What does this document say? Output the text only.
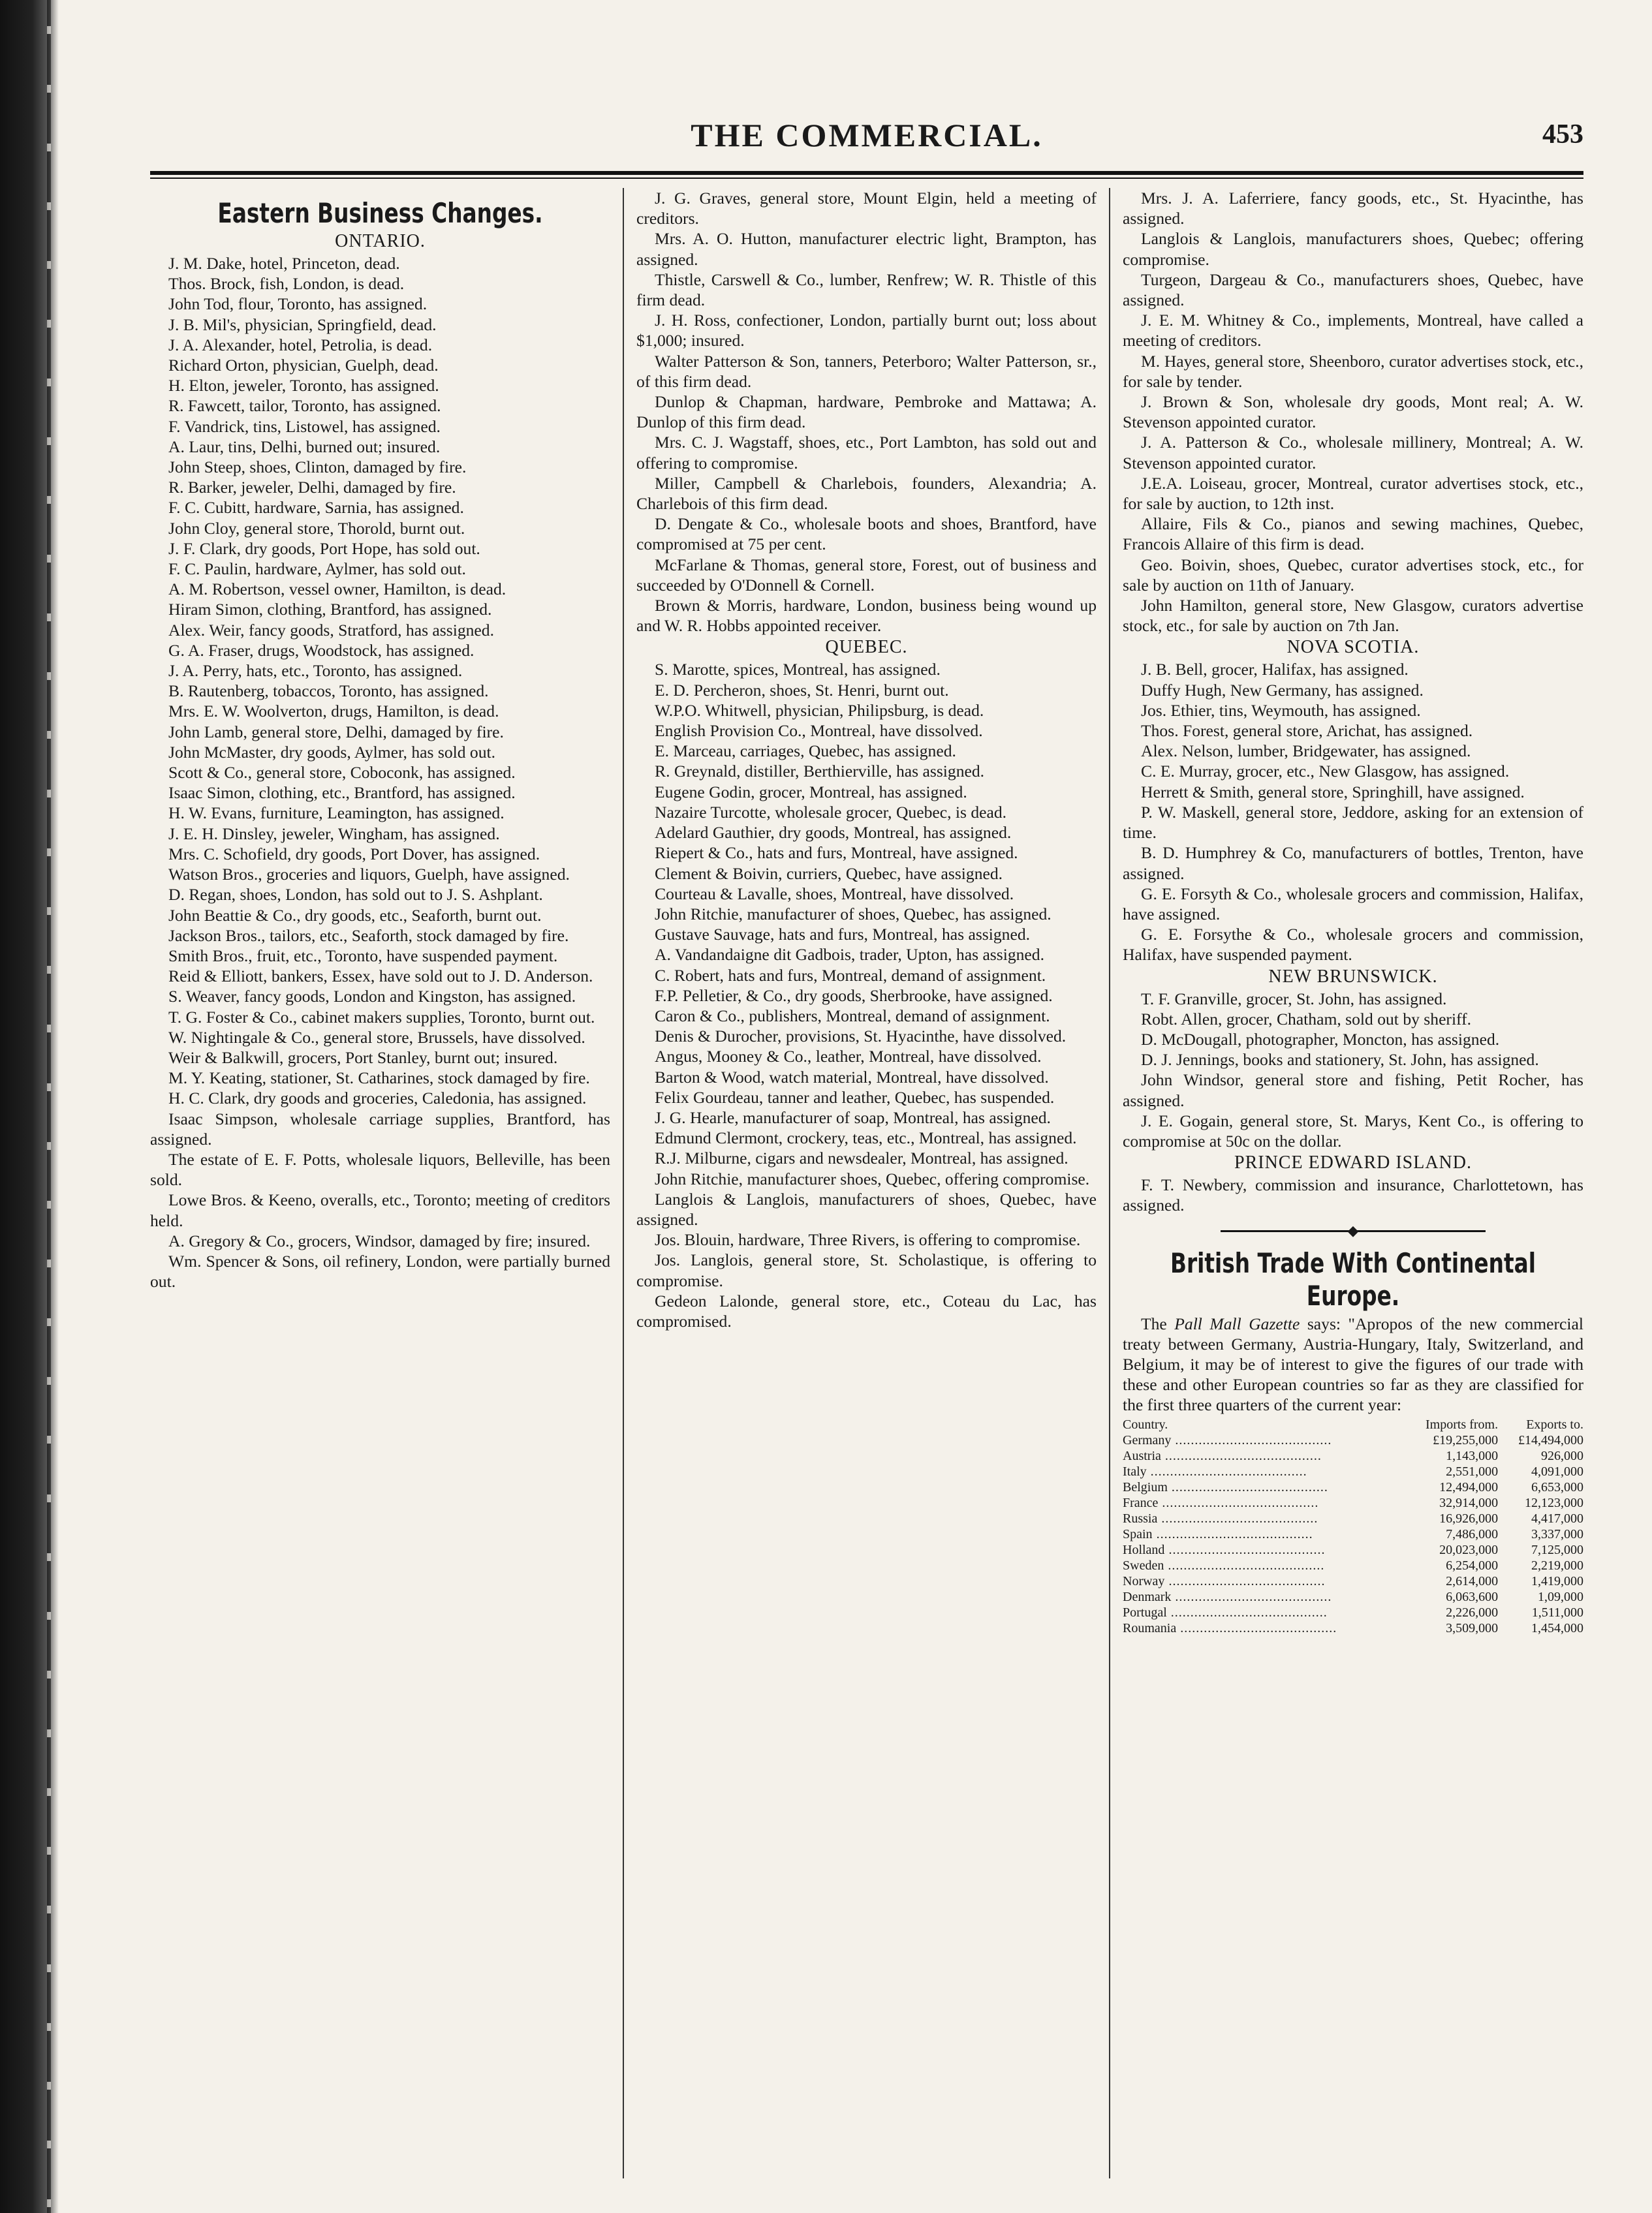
THE COMMERCIAL.	453
Eastern Business Changes.
ONTARIO.

J. M. Dake, hotel, Princeton, dead.

Thos. Brock, fish, London, is dead.

John Tod, flour, Toronto, has assigned.

J. B. Mil's, physician, Springfield, dead.

J. A. Alexander, hotel, Petrolia, is dead.

Richard Orton, physician, Guelph, dead.

H. Elton, jeweler, Toronto, has assigned.

R. Fawcett, tailor, Toronto, has assigned.

F. Vandrick, tins, Listowel, has assigned.

A. Laur, tins, Delhi, burned out; insured.

John Steep, shoes, Clinton, damaged by fire.

R. Barker, jeweler, Delhi, damaged by fire.

F. C. Cubitt, hardware, Sarnia, has assigned.

John Cloy, general store, Thorold, burnt out.

J. F. Clark, dry goods, Port Hope, has sold out.

F. C. Paulin, hardware, Aylmer, has sold out.

A. M. Robertson, vessel owner, Hamilton, is dead.

Hiram Simon, clothing, Brantford, has assigned.

Alex. Weir, fancy goods, Stratford, has assigned.

G. A. Fraser, drugs, Woodstock, has assigned.

J. A. Perry, hats, etc., Toronto, has assigned.

B. Rautenberg, tobaccos, Toronto, has assigned.

Mrs. E. W. Woolverton, drugs, Hamilton, is dead.

John Lamb, general store, Delhi, damaged by fire.

John McMaster, dry goods, Aylmer, has sold out.

Scott & Co., general store, Coboconk, has assigned.

Isaac Simon, clothing, etc., Brantford, has assigned.

H. W. Evans, furniture, Leamington, has assigned.

J. E. H. Dinsley, jeweler, Wingham, has assigned.

Mrs. C. Schofield, dry goods, Port Dover, has assigned.

Watson Bros., groceries and liquors, Guelph, have assigned.

D. Regan, shoes, London, has sold out to J. S. Ashplant.

John Beattie & Co., dry goods, etc., Seaforth, burnt out.

Jackson Bros., tailors, etc., Seaforth, stock damaged by fire.

Smith Bros., fruit, etc., Toronto, have suspended payment.

Reid & Elliott, bankers, Essex, have sold out to J. D. Anderson.

S. Weaver, fancy goods, London and Kingston, has assigned.

T. G. Foster & Co., cabinet makers supplies, Toronto, burnt out.

W. Nightingale & Co., general store, Brussels, have dissolved.

Weir & Balkwill, grocers, Port Stanley, burnt out; insured.

M. Y. Keating, stationer, St. Catharines, stock damaged by fire.

H. C. Clark, dry goods and groceries, Caledonia, has assigned.

Isaac Simpson, wholesale carriage supplies, Brantford, has assigned.

The estate of E. F. Potts, wholesale liquors, Belleville, has been sold.

Lowe Bros. & Keeno, overalls, etc., Toronto; meeting of creditors held.

A. Gregory & Co., grocers, Windsor, damaged by fire; insured.

Wm. Spencer & Sons, oil refinery, London, were partially burned out.

J. G. Graves, general store, Mount Elgin, held a meeting of creditors.

Mrs. A. O. Hutton, manufacturer electric light, Brampton, has assigned.

Thistle, Carswell & Co., lumber, Renfrew; W. R. Thistle of this firm dead.

J. H. Ross, confectioner, London, partially burnt out; loss about $1,000; insured.

Walter Patterson & Son, tanners, Peterboro; Walter Patterson, sr., of this firm dead.

Dunlop & Chapman, hardware, Pembroke and Mattawa; A. Dunlop of this firm dead.

Mrs. C. J. Wagstaff, shoes, etc., Port Lambton, has sold out and offering to compromise.

Miller, Campbell & Charlebois, founders, Alexandria; A. Charlebois of this firm dead.

D. Dengate & Co., wholesale boots and shoes, Brantford, have compromised at 75 per cent.

McFarlane & Thomas, general store, Forest, out of business and succeeded by O'Donnell & Cornell.

Brown & Morris, hardware, London, business being wound up and W. R. Hobbs appointed receiver.

QUEBEC.

S. Marotte, spices, Montreal, has assigned.

E. D. Percheron, shoes, St. Henri, burnt out.

W.P.O. Whitwell, physician, Philipsburg, is dead.

English Provision Co., Montreal, have dissolved.

E. Marceau, carriages, Quebec, has assigned.

R. Greynald, distiller, Berthierville, has assigned.

Eugene Godin, grocer, Montreal, has assigned.

Nazaire Turcotte, wholesale grocer, Quebec, is dead.

Adelard Gauthier, dry goods, Montreal, has assigned.

Riepert & Co., hats and furs, Montreal, have assigned.

Clement & Boivin, curriers, Quebec, have assigned.

Courteau & Lavalle, shoes, Montreal, have dissolved.

John Ritchie, manufacturer of shoes, Quebec, has assigned.

Gustave Sauvage, hats and furs, Montreal, has assigned.

A. Vandandaigne dit Gadbois, trader, Upton, has assigned.

C. Robert, hats and furs, Montreal, demand of assignment.

F.P. Pelletier, & Co., dry goods, Sherbrooke, have assigned.

Caron & Co., publishers, Montreal, demand of assignment.

Denis & Durocher, provisions, St. Hyacinthe, have dissolved.

Angus, Mooney & Co., leather, Montreal, have dissolved.

Barton & Wood, watch material, Montreal, have dissolved.

Felix Gourdeau, tanner and leather, Quebec, has suspended.

J. G. Hearle, manufacturer of soap, Montreal, has assigned.

Edmund Clermont, crockery, teas, etc., Montreal, has assigned.

R.J. Milburne, cigars and newsdealer, Montreal, has assigned.

John Ritchie, manufacturer shoes, Quebec, offering compromise.

Langlois & Langlois, manufacturers of shoes, Quebec, have assigned.

Jos. Blouin, hardware, Three Rivers, is offering to compromise.

Jos. Langlois, general store, St. Scholastique, is offering to compromise.

Gedeon Lalonde, general store, etc., Coteau du Lac, has compromised.

Mrs. J. A. Laferriere, fancy goods, etc., St. Hyacinthe, has assigned.

Langlois & Langlois, manufacturers shoes, Quebec; offering compromise.

Turgeon, Dargeau & Co., manufacturers shoes, Quebec, have assigned.

J. E. M. Whitney & Co., implements, Montreal, have called a meeting of creditors.

M. Hayes, general store, Sheenboro, curator advertises stock, etc., for sale by tender.

J. Brown & Son, wholesale dry goods, Mont real; A. W. Stevenson appointed curator.

J. A. Patterson & Co., wholesale millinery, Montreal; A. W. Stevenson appointed curator.

J.E.A. Loiseau, grocer, Montreal, curator advertises stock, etc., for sale by auction, to 12th inst.

Allaire, Fils & Co., pianos and sewing machines, Quebec, Francois Allaire of this firm is dead.

Geo. Boivin, shoes, Quebec, curator advertises stock, etc., for sale by auction on 11th of January.

John Hamilton, general store, New Glasgow, curators advertise stock, etc., for sale by auction on 7th Jan.

NOVA SCOTIA.

J. B. Bell, grocer, Halifax, has assigned.

Duffy Hugh, New Germany, has assigned.

Jos. Ethier, tins, Weymouth, has assigned.

Thos. Forest, general store, Arichat, has assigned.

Alex. Nelson, lumber, Bridgewater, has assigned.

C. E. Murray, grocer, etc., New Glasgow, has assigned.

Herrett & Smith, general store, Springhill, have assigned.

P. W. Maskell, general store, Jeddore, asking for an extension of time.

B. D. Humphrey & Co, manufacturers of bottles, Trenton, have assigned.

G. E. Forsyth & Co., wholesale grocers and commission, Halifax, have assigned.

G. E. Forsythe & Co., wholesale grocers and commission, Halifax, have suspended payment.

NEW BRUNSWICK.

T. F. Granville, grocer, St. John, has assigned.

Robt. Allen, grocer, Chatham, sold out by sheriff.

D. McDougall, photographer, Moncton, has assigned.

D. J. Jennings, books and stationery, St. John, has assigned.

John Windsor, general store and fishing, Petit Rocher, has assigned.

J. E. Gogain, general store, St. Marys, Kent Co., is offering to compromise at 50c on the dollar.

PRINCE EDWARD ISLAND.

F. T. Newbery, commission and insurance, Charlottetown, has assigned.

◆
British Trade With Continental Europe.

The Pall Mall Gazette says: "Apropos of the new commercial treaty between Germany, Austria-Hungary, Italy, Switzerland, and Belgium, it may be of interest to give the figures of our trade with these and other European countries so far as they are classified for the first three quarters of the current year:

Country.	Imports from.	Exports to.
Germany .....	£19,255,000	£14,494,000
Austria .....	1,143,000	926,000
Italy .....	2,551,000	4,091,000
Belgium .....	12,494,000	6,653,000
France .....	32,914,000	12,123,000
Russia .....	16,926,000	4,417,000
Spain .....	7,486,000	3,337,000
Holland .....	20,023,000	7,125,000
Sweden .....	6,254,000	2,219,000
Norway .....	2,614,000	1,419,000
Denmark .....	6,063,600	1,09,000
Portugal .....	2,226,000	1,511,000
Roumania .....	3,509,000	1,454,000
